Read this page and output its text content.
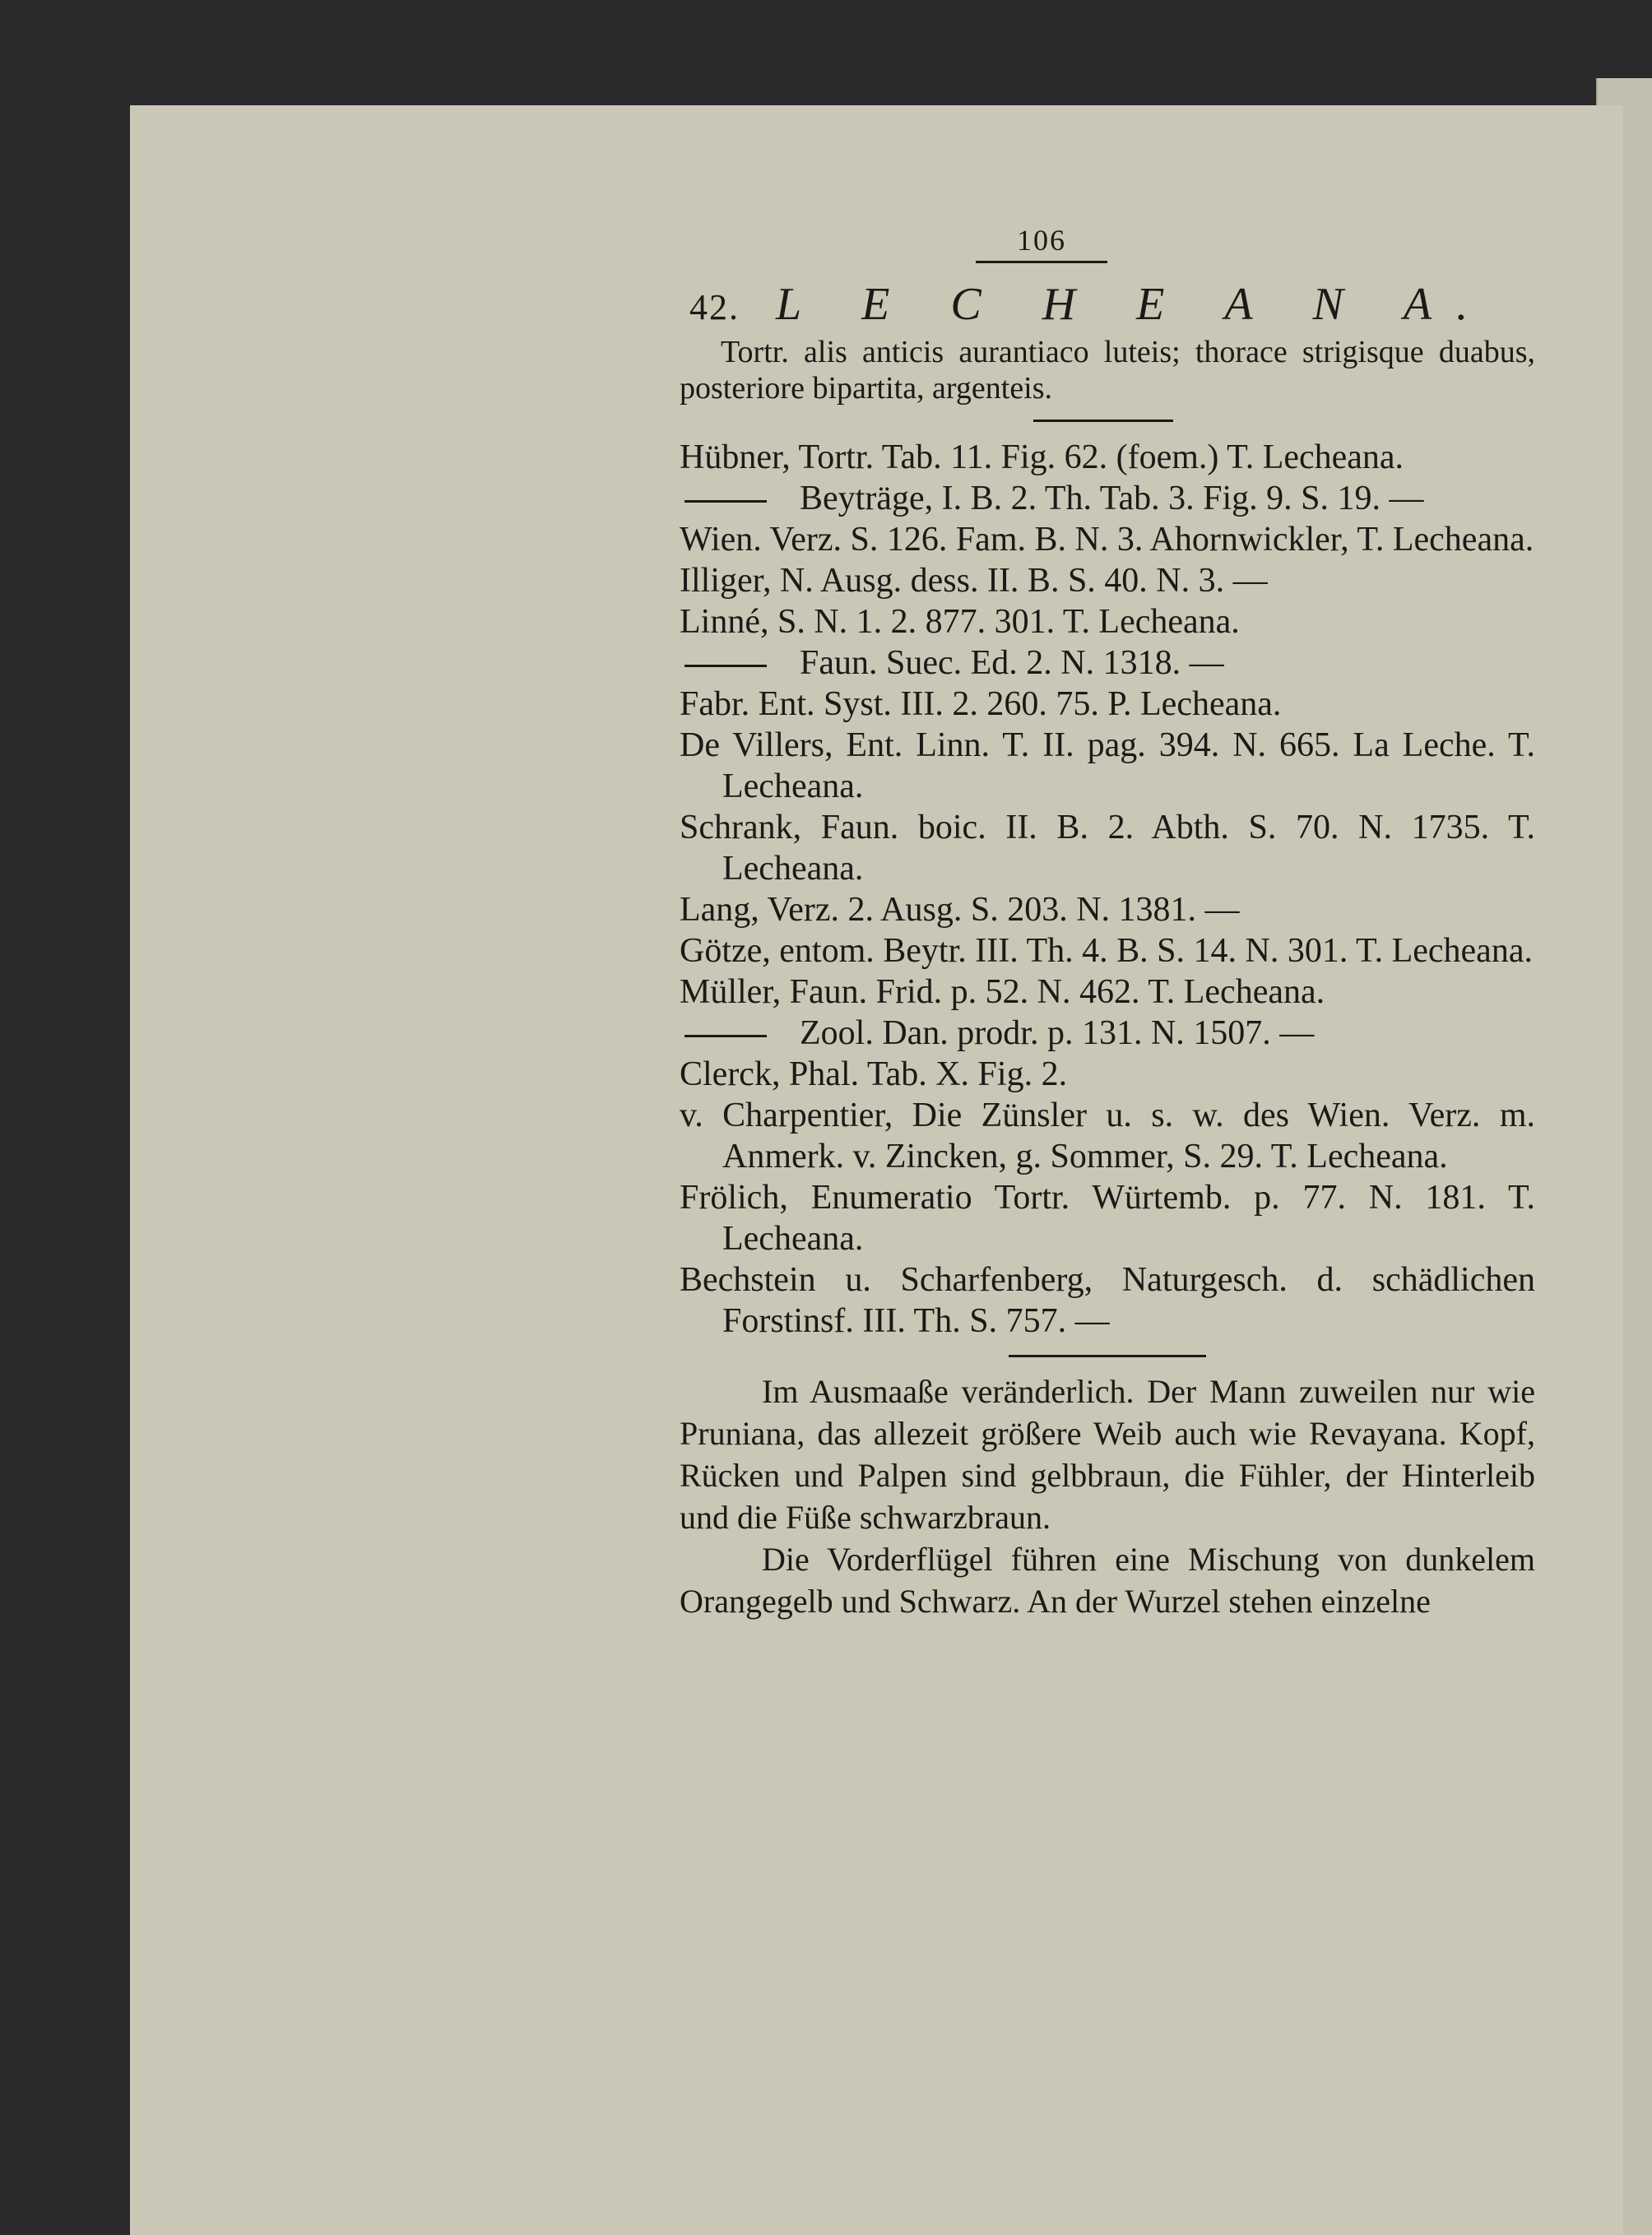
106
42. L E C H E A N A.
Tortr. alis anticis aurantiaco luteis; thorace strigisque duabus, posteriore bipartita, argenteis.
Hübner, Tortr. Tab. 11. Fig. 62. (foem.) T. Lecheana.
Beyträge, I. B. 2. Th. Tab. 3. Fig. 9. S. 19. —
Wien. Verz. S. 126. Fam. B. N. 3. Ahornwickler, T. Lecheana.
Illiger, N. Ausg. dess. II. B. S. 40. N. 3. —
Linné, S. N. 1. 2. 877. 301. T. Lecheana.
Faun. Suec. Ed. 2. N. 1318. —
Fabr. Ent. Syst. III. 2. 260. 75. P. Lecheana.
De Villers, Ent. Linn. T. II. pag. 394. N. 665. La Leche. T. Lecheana.
Schrank, Faun. boic. II. B. 2. Abth. S. 70. N. 1735. T. Lecheana.
Lang, Verz. 2. Ausg. S. 203. N. 1381. —
Götze, entom. Beytr. III. Th. 4. B. S. 14. N. 301. T. Lecheana.
Müller, Faun. Frid. p. 52. N. 462. T. Lecheana.
Zool. Dan. prodr. p. 131. N. 1507. —
Clerck, Phal. Tab. X. Fig. 2.
v. Charpentier, Die Zünsler u. s. w. des Wien. Verz. m. Anmerk. v. Zincken, g. Sommer, S. 29. T. Lecheana.
Frölich, Enumeratio Tortr. Würtemb. p. 77. N. 181. T. Lecheana.
Bechstein u. Scharfenberg, Naturgesch. d. schädlichen Forstinsf. III. Th. S. 757. —
Im Ausmaaße veränderlich. Der Mann zuweilen nur wie Pruniana, das allezeit größere Weib auch wie Revayana. Kopf, Rücken und Palpen sind gelbbraun, die Fühler, der Hinterleib und die Füße schwarzbraun.
Die Vorderflügel führen eine Mischung von dunkelem Orangegelb und Schwarz. An der Wurzel stehen einzelne
